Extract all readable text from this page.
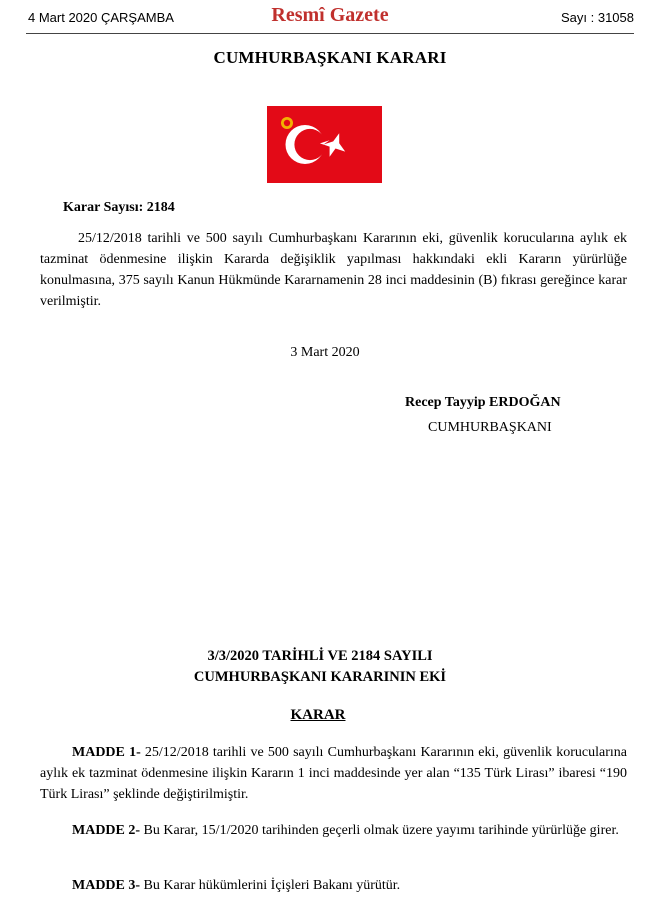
4 Mart 2020 ÇARŞAMBA	Resmî Gazete	Sayı : 31058
CUMHURBAŞKANI KARARI
Karar Sayısı: 2184

25/12/2018 tarihli ve 500 sayılı Cumhurbaşkanı Kararının eki, güvenlik korucularına aylık ek tazminat ödenmesine ilişkin Kararda değişiklik yapılması hakkındaki ekli Kararın yürürlüğe konulmasına, 375 sayılı Kanun Hükmünde Kararnamenin 28 inci maddesinin (B) fıkrası gereğince karar verilmiştir.

3 Mart 2020
Recep Tayyip ERDOĞAN
CUMHURBAŞKANI
3/3/2020 TARİHLİ VE 2184 SAYILI
CUMHURBAŞKANI KARARININ EKİ
KARAR

MADDE 1- 25/12/2018 tarihli ve 500 sayılı Cumhurbaşkanı Kararının eki, güvenlik korucularına aylık ek tazminat ödenmesine ilişkin Kararın 1 inci maddesinde yer alan “135 Türk Lirası” ibaresi “190 Türk Lirası” şeklinde değiştirilmiştir.

MADDE 2- Bu Karar, 15/1/2020 tarihinden geçerli olmak üzere yayımı tarihinde yürürlüğe girer.

MADDE 3- Bu Karar hükümlerini İçişleri Bakanı yürütür.
